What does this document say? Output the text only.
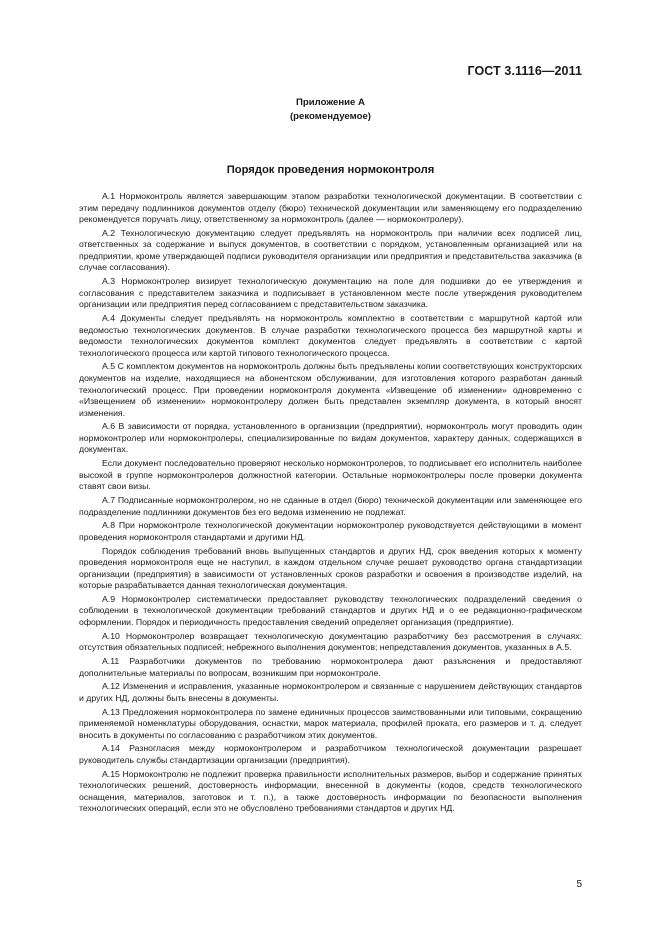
ГОСТ 3.1116—2011
Приложение А
(рекомендуемое)
Порядок проведения нормоконтроля

А.1 Нормоконтроль является завершающим этапом разработки технологической документации. В соответствии с этим передачу подлинников документов отделу (бюро) технической документации или заменяющему его подразделению рекомендуется поручать лицу, ответственному за нормоконтроль (далее — нормоконтролеру).

А.2 Технологическую документацию следует предъявлять на нормоконтроль при наличии всех подписей лиц, ответственных за содержание и выпуск документов, в соответствии с порядком, установленным организацией или на предприятии, кроме утверждающей подписи руководителя организации или предприятия и представительства заказчика (в случае согласования).

А.3 Нормоконтролер визирует технологическую документацию на поле для подшивки до ее утверждения и согласования с представителем заказчика и подписывает в установленном месте после утверждения руководителем организации или предприятия перед согласованием с представительством заказчика.

А.4 Документы следует предъявлять на нормоконтроль комплектно в соответствии с маршрутной картой или ведомостью технологических документов. В случае разработки технологического процесса без маршрутной карты и ведомости технологических документов комплект документов следует предъявлять в соответствии с картой технологического процесса или картой типового технологического процесса.

А.5 С комплектом документов на нормоконтроль должны быть предъявлены копии соответствующих конструкторских документов на изделие, находящиеся на абонентском обслуживании, для изготовления которого разработан данный технологический процесс. При проведении нормоконтроля документа «Извещение об изменении» одновременно с «Извещением об изменении» нормоконтролеру должен быть представлен экземпляр документа, в который вносят изменения.

А.6 В зависимости от порядка, установленного в организации (предприятии), нормоконтроль могут проводить один нормоконтролер или нормоконтролеры, специализированные по видам документов, характеру данных, содержащихся в документах.

Если документ последовательно проверяют несколько нормоконтролеров, то подписывает его исполнитель наиболее высокой в группе нормоконтролеров должностной категории. Остальные нормоконтролеры после проверки документа ставят свои визы.

А.7 Подписанные нормоконтролером, но не сданные в отдел (бюро) технической документации или заменяющее его подразделение подлинники документов без его ведома изменению не подлежат.

А.8 При нормоконтроле технологической документации нормоконтролер руководствуется действующими в момент проведения нормоконтроля стандартами и другими НД.

Порядок соблюдения требований вновь выпущенных стандартов и других НД, срок введения которых к моменту проведения нормоконтроля еще не наступил, в каждом отдельном случае решает руководство органа стандартизации организации (предприятия) в зависимости от установленных сроков разработки и освоения в производстве изделий, на которые разрабатывается данная технологическая документация.

А.9 Нормоконтролер систематически предоставляет руководству технологических подразделений сведения о соблюдении в технологической документации требований стандартов и других НД и о ее редакционно-графическом оформлении. Порядок и периодичность предоставления сведений определяет организация (предприятие).

А.10 Нормоконтролер возвращает технологическую документацию разработчику без рассмотрения в случаях: отсутствия обязательных подписей; небрежного выполнения документов; непредставления документов, указанных в А.5.

А.11 Разработчики документов по требованию нормоконтролера дают разъяснения и предоставляют дополнительные материалы по вопросам, возникшим при нормоконтроле.

А.12 Изменения и исправления, указанные нормоконтролером и связанные с нарушением действующих стандартов и других НД, должны быть внесены в документы.

А.13 Предложения нормоконтролера по замене единичных процессов заимствованными или типовыми, сокращению применяемой номенклатуры оборудования, оснастки, марок материала, профилей проката, его размеров и т. д. следует вносить в документы по согласованию с разработчиком этих документов.

А.14 Разногласия между нормоконтролером и разработчиком технологической документации разрешает руководитель службы стандартизации организации (предприятия).

А.15 Нормоконтролю не подлежит проверка правильности исполнительных размеров, выбор и содержание принятых технологических решений, достоверность информации, внесенной в документы (кодов, средств технологического оснащения, материалов, заготовок и т. п.), а также достоверность информации по безопасности выполнения технологических операций, если это не обусловлено требованиями стандартов и других НД.

5
